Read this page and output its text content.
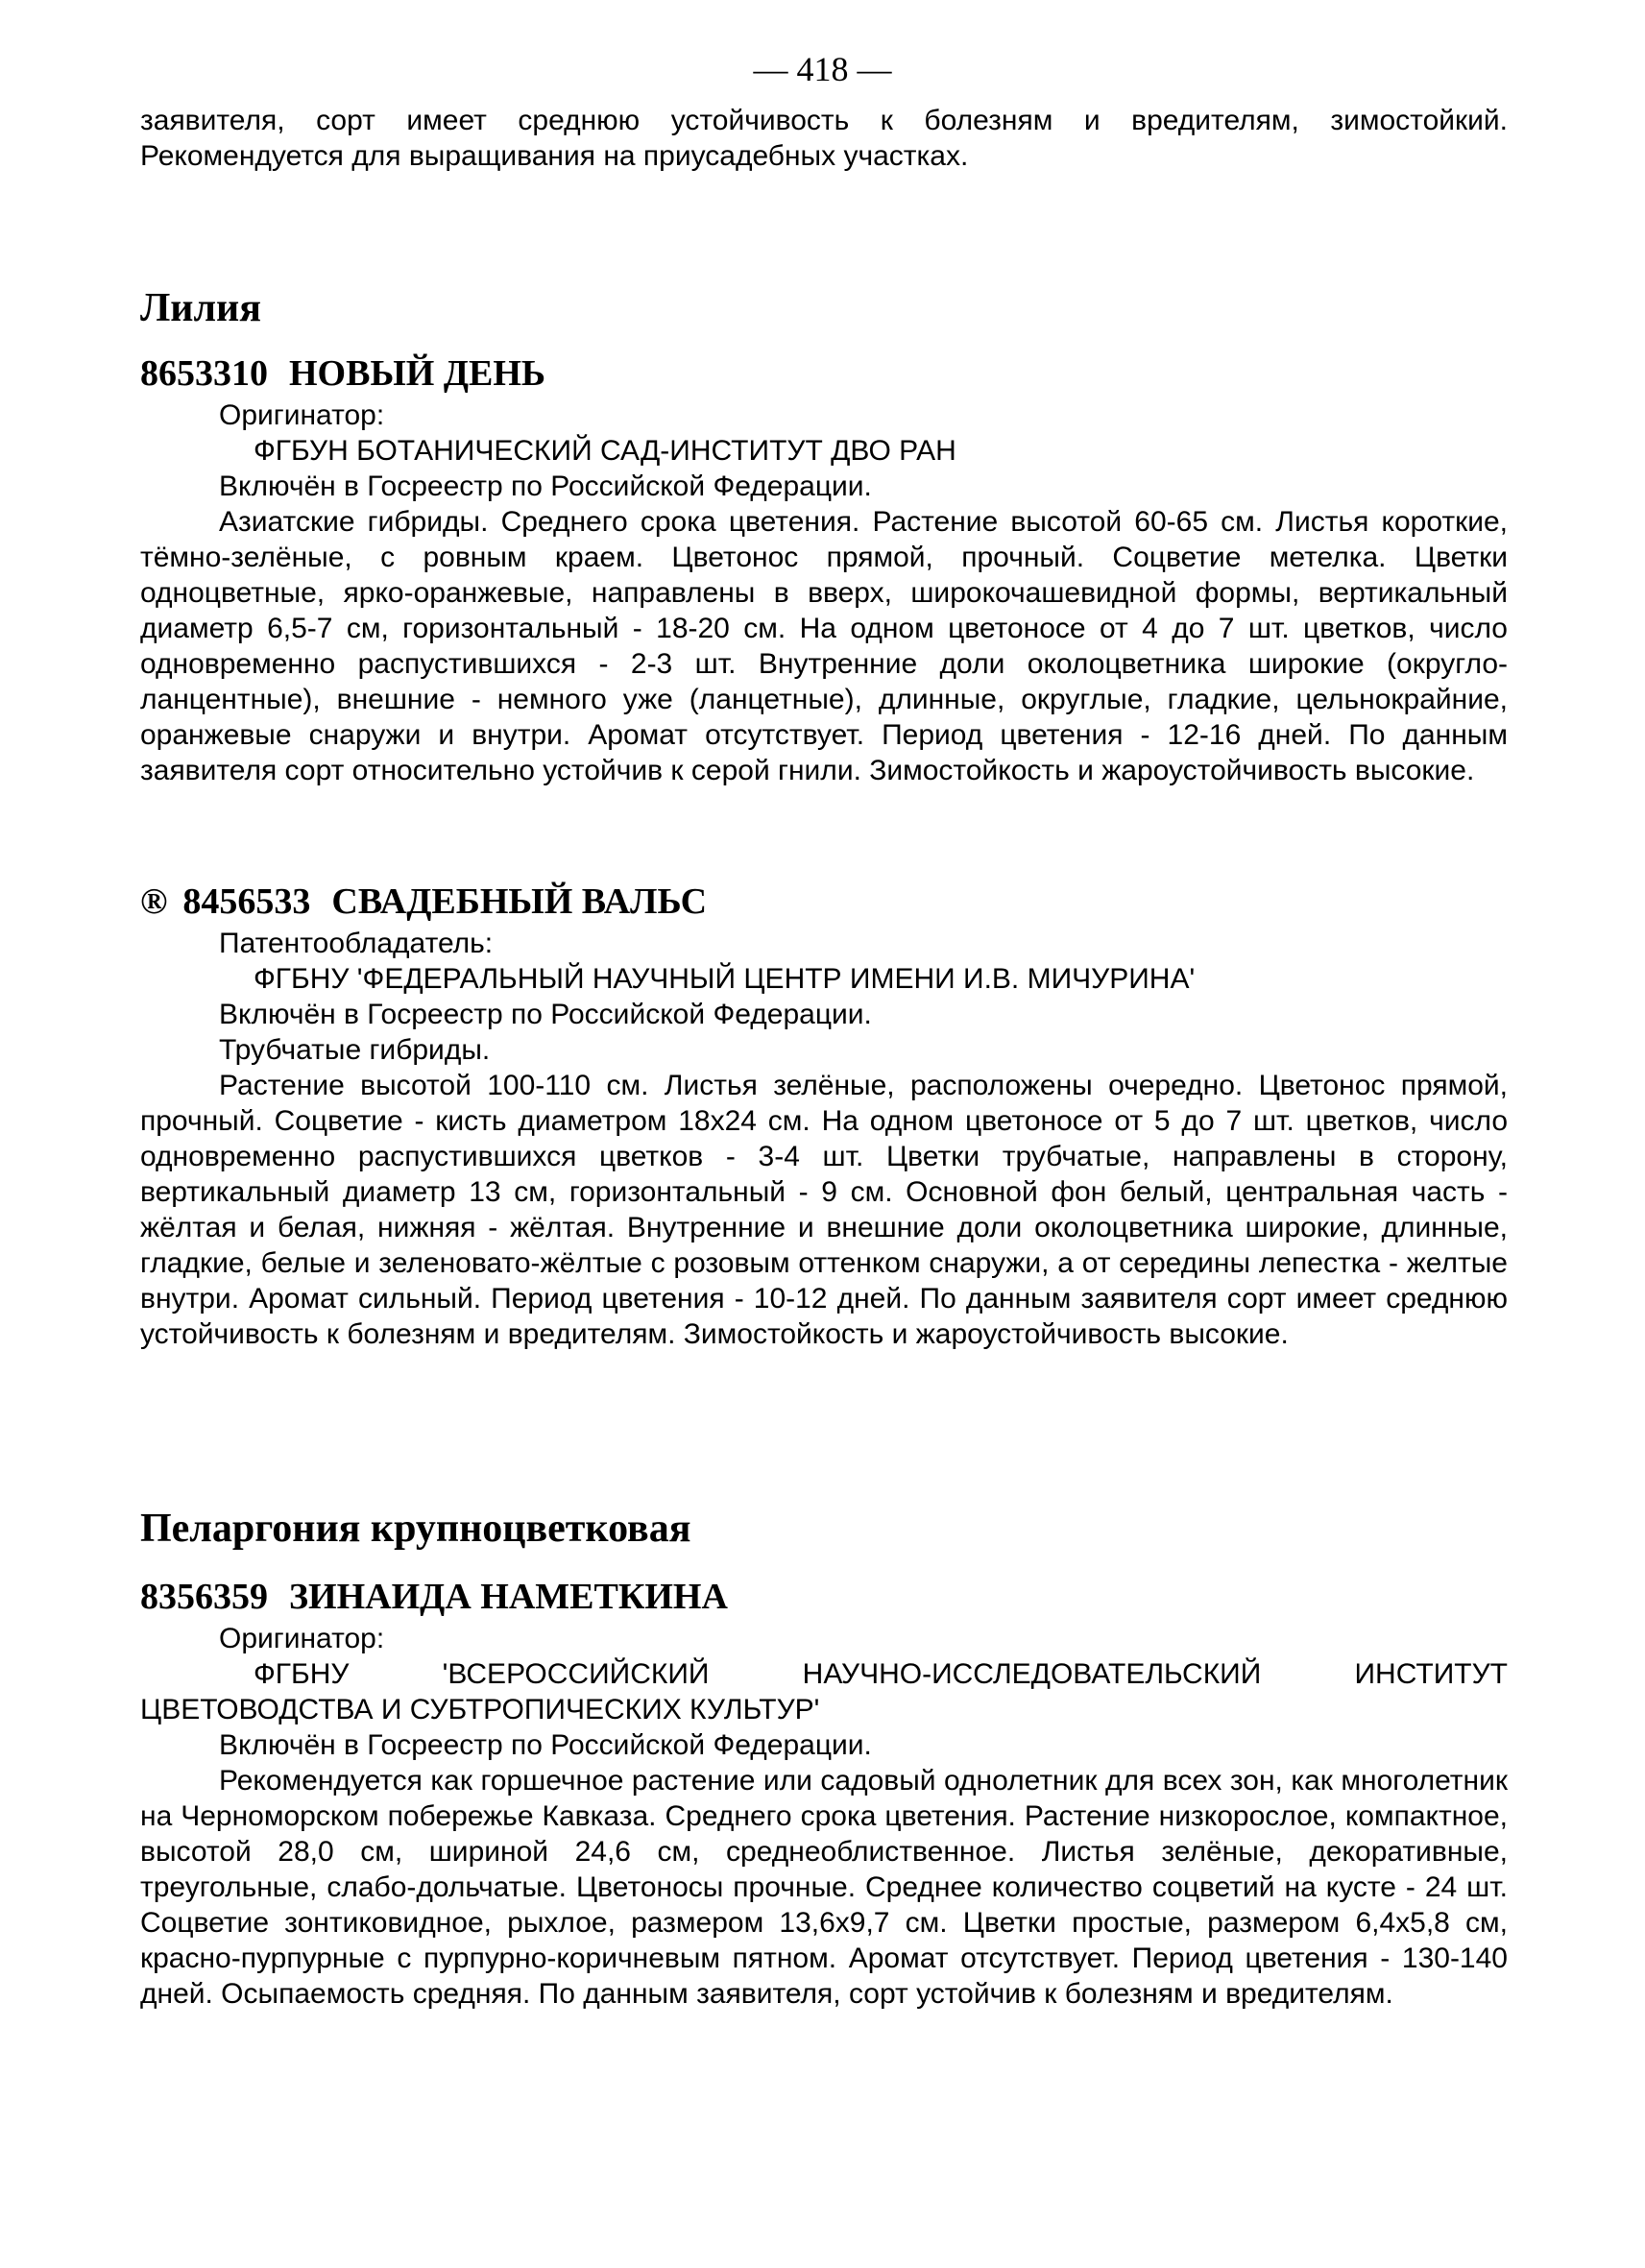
— 418 —

заявителя, сорт имеет среднюю устойчивость к болезням и вредителям, зимостойкий. Рекомендуется для выращивания на приусадебных участках.

Лилия
8653310 НОВЫЙ ДЕНЬ

Оригинатор:

ФГБУН БОТАНИЧЕСКИЙ САД-ИНСТИТУТ ДВО РАН

Включён в Госреестр по Российской Федерации.

Азиатские гибриды. Среднего срока цветения. Растение высотой 60-65 см. Листья короткие, тёмно-зелёные, с ровным краем. Цветонос прямой, прочный. Соцветие метелка. Цветки одноцветные, ярко-оранжевые, направлены в вверх, широкочашевидной формы, вертикальный диаметр 6,5-7 см, горизонтальный - 18-20 см. На одном цветоносе от 4 до 7 шт. цветков, число одновременно распустившихся - 2-3 шт. Внутренние доли околоцветника широкие (округло-ланцентные), внешние - немного уже (ланцетные), длинные, округлые, гладкие, цельнокрайние, оранжевые снаружи и внутри. Аромат отсутствует. Период цветения - 12-16 дней. По данным заявителя сорт относительно устойчив к серой гнили. Зимостойкость и жароустойчивость высокие.

® 8456533 СВАДЕБНЫЙ ВАЛЬС

Патентообладатель:

ФГБНУ 'ФЕДЕРАЛЬНЫЙ НАУЧНЫЙ ЦЕНТР ИМЕНИ И.В. МИЧУРИНА'

Включён в Госреестр по Российской Федерации.

Трубчатые гибриды.

Растение высотой 100-110 см. Листья зелёные, расположены очередно. Цветонос прямой, прочный. Соцветие - кисть диаметром 18х24 см. На одном цветоносе от 5 до 7 шт. цветков, число одновременно распустившихся цветков - 3-4 шт. Цветки трубчатые, направлены в сторону, вертикальный диаметр 13 см, горизонтальный - 9 см. Основной фон белый, центральная часть - жёлтая и белая, нижняя - жёлтая. Внутренние и внешние доли околоцветника широкие, длинные, гладкие, белые и зеленовато-жёлтые с розовым оттенком снаружи, а от середины лепестка - желтые внутри. Аромат сильный. Период цветения - 10-12 дней. По данным заявителя сорт имеет среднюю устойчивость к болезням и вредителям. Зимостойкость и жароустойчивость высокие.

Пеларгония крупноцветковая
8356359 ЗИНАИДА НАМЕТКИНА

Оригинатор:

ФГБНУ 'ВСЕРОССИЙСКИЙ НАУЧНО-ИССЛЕДОВАТЕЛЬСКИЙ ИНСТИТУТ

ЦВЕТОВОДСТВА И СУБТРОПИЧЕСКИХ КУЛЬТУР'

Включён в Госреестр по Российской Федерации.

Рекомендуется как горшечное растение или садовый однолетник для всех зон, как многолетник на Черноморском побережье Кавказа. Среднего срока цветения. Растение низкорослое, компактное, высотой 28,0 см, шириной 24,6 см, среднеоблиственное. Листья зелёные, декоративные, треугольные, слабо-дольчатые. Цветоносы прочные. Среднее количество соцветий на кусте - 24 шт. Соцветие зонтиковидное, рыхлое, размером 13,6х9,7 см. Цветки простые, размером 6,4х5,8 см, красно-пурпурные с пурпурно-коричневым пятном. Аромат отсутствует. Период цветения - 130-140 дней. Осыпаемость средняя. По данным заявителя, сорт устойчив к болезням и вредителям.
